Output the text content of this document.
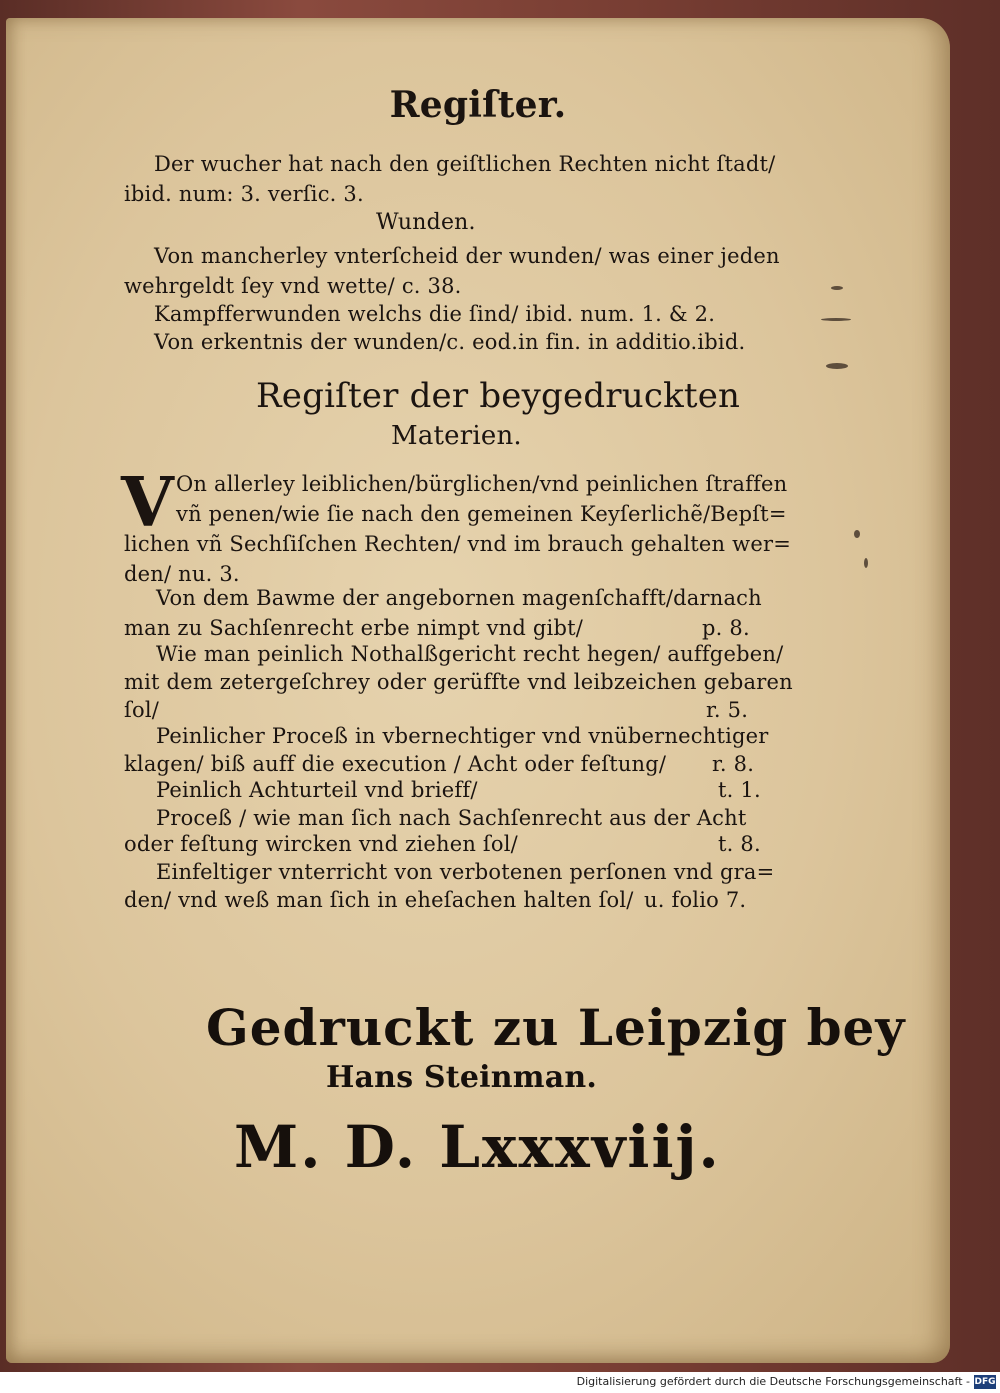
Regiſter.
Der wucher hat nach den geiſtlichen Rechten nicht ſtadt/
ibid. num: 3. verſic. 3.
Wunden.
Von mancherley vnterſcheid der wunden/ was einer jeden
wehrgeldt ſey vnd wette/ c. 38.
Kampfferwunden welchs die ſind/ ibid. num. 1. & 2.
Von erkentnis der wunden/c. eod.in fin. in additio.ibid.
Regiſter der beygedruckten
Materien.
V On allerley leiblichen/bürglichen/vnd peinlichen ſtraffen
vñ penen/wie ſie nach den gemeinen Keyſerlichẽ/Bepſt=
lichen vñ Sechſiſchen Rechten/ vnd im brauch gehalten wer=
den/ nu. 3.
Von dem Bawme der angebornen magenſchafft/darnach
man zu Sachſenrecht erbe nimpt vnd gibt/	p. 8.
Wie man peinlich Nothalßgericht recht hegen/ auffgeben/
mit dem zetergeſchrey oder gerüffte vnd leibzeichen gebaren
ſol/	r. 5.
Peinlicher Proceß in vbernechtiger vnd vnübernechtiger
klagen/ biß auff die execution / Acht oder feſtung/ r. 8.
Peinlich Achturteil vnd brieff/	t. 1.
Proceß / wie man ſich nach Sachſenrecht aus der Acht
oder feſtung wircken vnd ziehen ſol/	t. 8.
Einfeltiger vnterricht von verbotenen perſonen vnd gra=
den/ vnd weß man ſich in eheſachen halten ſol/ u. folio 7.
Gedruckt zu Leipzig bey
Hans Steinman.
M. D. Lxxxviij.
Digitalisierung gefördert durch die Deutsche Forschungsgemeinschaft - DFG
